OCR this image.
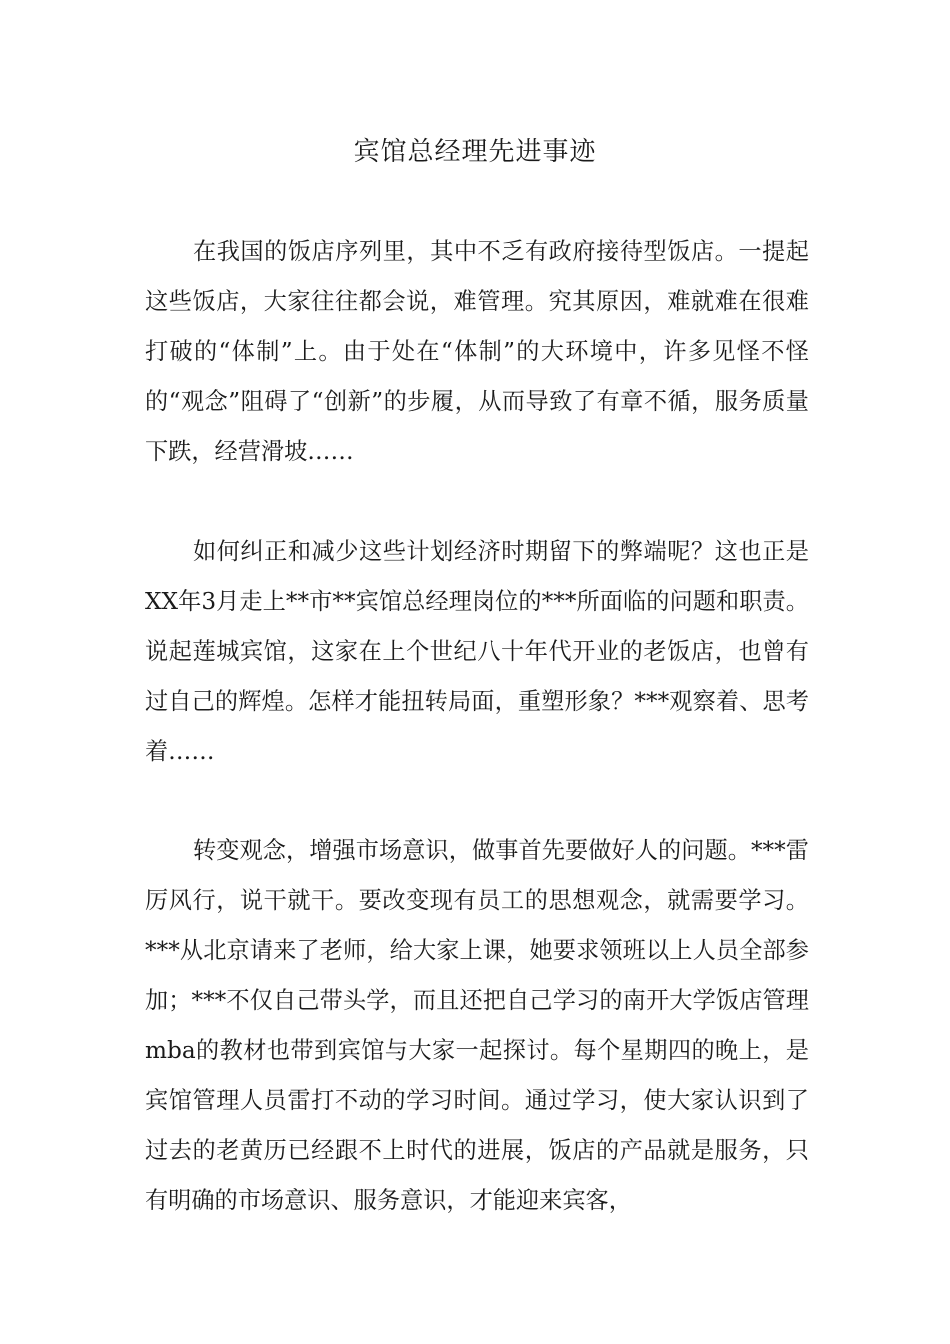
宾馆总经理先进事迹

在我国的饭店序列里，其中不乏有政府接待型饭店。一提起这些饭店，大家往往都会说，难管理。究其原因，难就难在很难打破的“体制”上。由于处在“体制”的大环境中，许多见怪不怪的“观念”阻碍了“创新”的步履，从而导致了有章不循，服务质量下跌，经营滑坡……

如何纠正和减少这些计划经济时期留下的弊端呢？这也正是XX年3月走上**市**宾馆总经理岗位的***所面临的问题和职责。说起莲城宾馆，这家在上个世纪八十年代开业的老饭店，也曾有过自己的辉煌。怎样才能扭转局面，重塑形象？***观察着、思考着……

转变观念，增强市场意识，做事首先要做好人的问题。***雷厉风行，说干就干。要改变现有员工的思想观念，就需要学习。***从北京请来了老师，给大家上课，她要求领班以上人员全部参加；***不仅自己带头学，而且还把自己学习的南开大学饭店管理mba的教材也带到宾馆与大家一起探讨。每个星期四的晚上，是宾馆管理人员雷打不动的学习时间。通过学习，使大家认识到了过去的老黄历已经跟不上时代的进展，饭店的产品就是服务，只有明确的市场意识、服务意识，才能迎来宾客，
